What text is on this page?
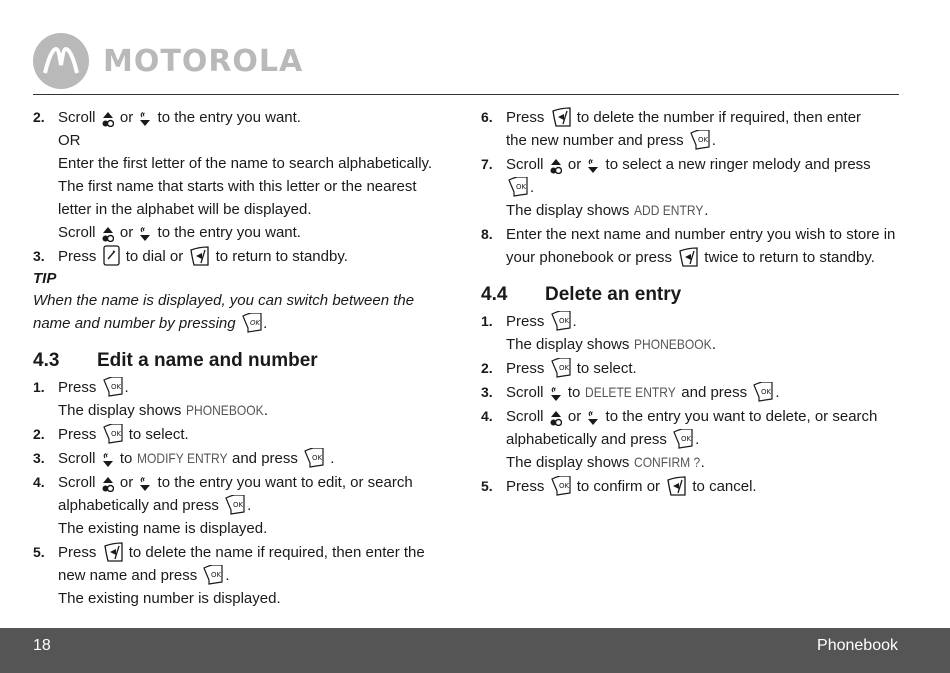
MOTOROLA
2. Scroll or to the entry you want.
OR
Enter the first letter of the name to search alphabetically.
The first name that starts with this letter or the nearest
letter in the alphabet will be displayed.
Scroll or to the entry you want.
3. Press to dial or to return to standby.
TIP
When the name is displayed, you can switch between the
name and number by pressing .
4.3	Edit a name and number
1. Press .
The display shows PHONEBOOK.
2. Press to select.
3. Scroll to MODIFY ENTRY and press .
4. Scroll or to the entry you want to edit, or search
alphabetically and press .
The existing name is displayed.
5. Press to delete the name if required, then enter the
new name and press .
The existing number is displayed.
6. Press to delete the number if required, then enter
the new number and press .
7. Scroll or to select a new ringer melody and press
.
The display shows ADD ENTRY.
8. Enter the next name and number entry you wish to store in
your phonebook or press twice to return to standby.
4.4	Delete an entry
1. Press .
The display shows PHONEBOOK.
2. Press to select.
3. Scroll to DELETE ENTRY and press .
4. Scroll or to the entry you want to delete, or search
alphabetically and press .
The display shows CONFIRM ?.
5. Press to confirm or to cancel.
18	Phonebook
